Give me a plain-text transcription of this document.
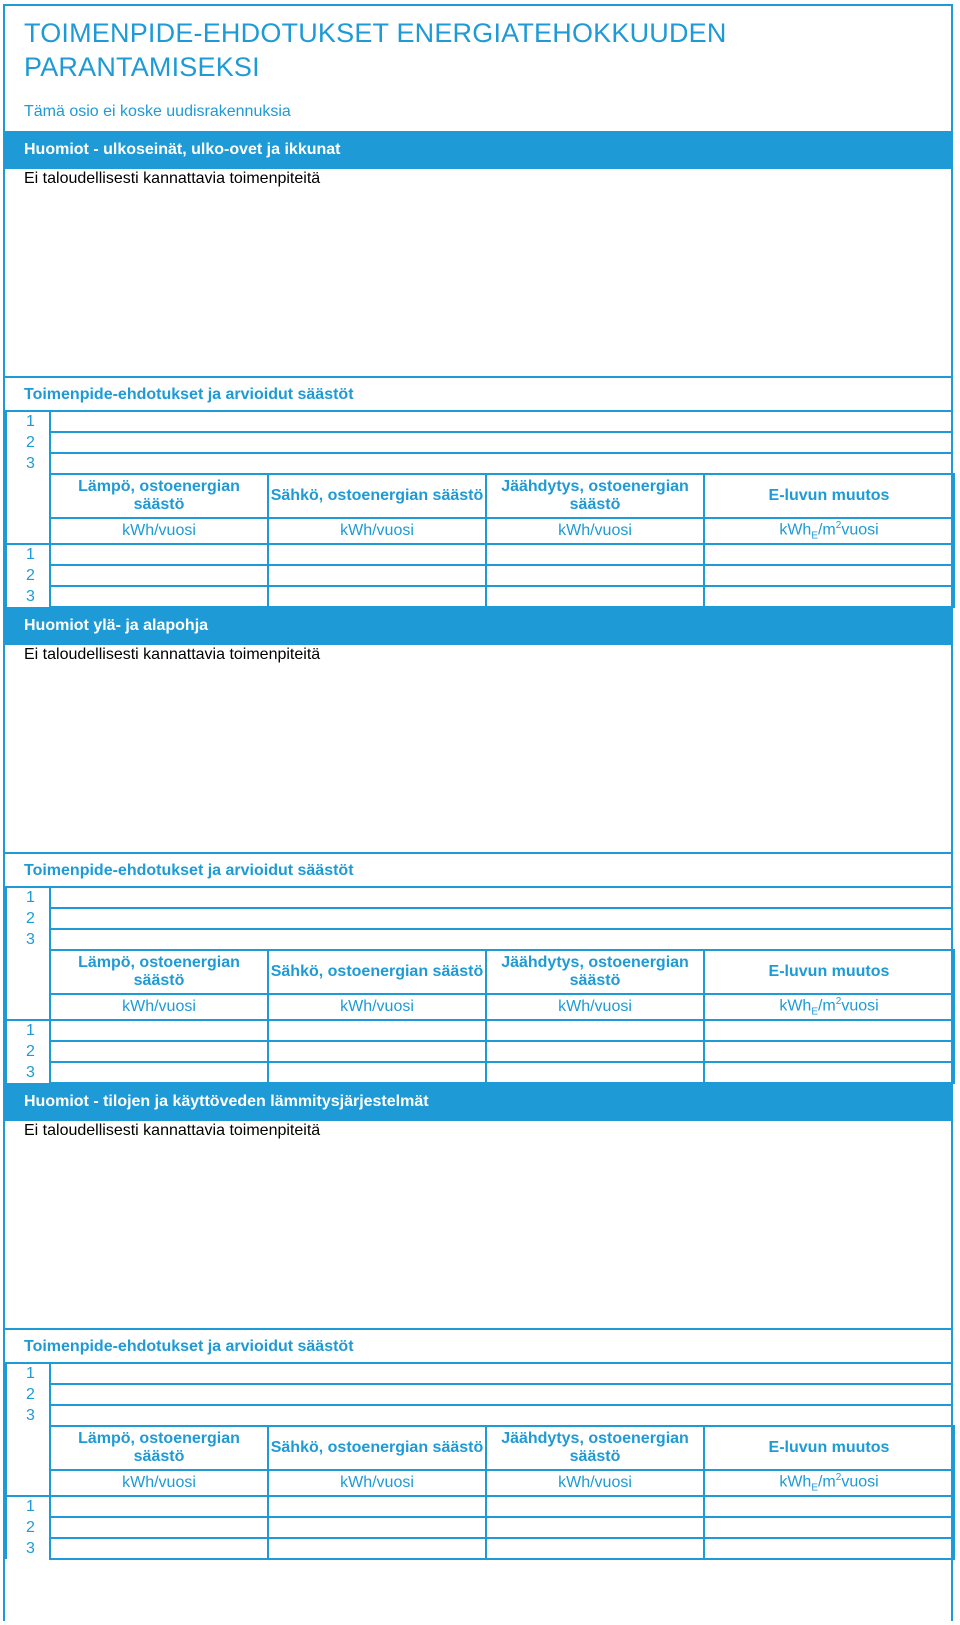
TOIMENPIDE-EHDOTUKSET ENERGIATEHOKKUUDEN
PARANTAMISEKSI
Tämä osio ei koske uudisrakennuksia
Huomiot - ulkoseinät, ulko-ovet ja ikkunat
Ei taloudellisesti kannattavia toimenpiteitä
Toimenpide-ehdotukset ja arvioidut säästöt
1	
2	
3	
	Lämpö, ostoenergian säästö	Sähkö, ostoenergian säästö	Jäähdytys, ostoenergian säästö	E-luvun muutos
	kWh/vuosi	kWh/vuosi	kWh/vuosi	$kWh_E/m^2vuosi$
1				
2				
3				
Huomiot ylä- ja alapohja
Ei taloudellisesti kannattavia toimenpiteitä
Toimenpide-ehdotukset ja arvioidut säästöt
1	
2	
3	
	Lämpö, ostoenergian säästö	Sähkö, ostoenergian säästö	Jäähdytys, ostoenergian säästö	E-luvun muutos
	kWh/vuosi	kWh/vuosi	kWh/vuosi	$kWh_E/m^2vuosi$
1				
2				
3				
Huomiot - tilojen ja käyttöveden lämmitysjärjestelmät
Ei taloudellisesti kannattavia toimenpiteitä
Toimenpide-ehdotukset ja arvioidut säästöt
1	
2	
3	
	Lämpö, ostoenergian säästö	Sähkö, ostoenergian säästö	Jäähdytys, ostoenergian säästö	E-luvun muutos
	kWh/vuosi	kWh/vuosi	kWh/vuosi	$kWh_E/m^2vuosi$
1				
2				
3				
